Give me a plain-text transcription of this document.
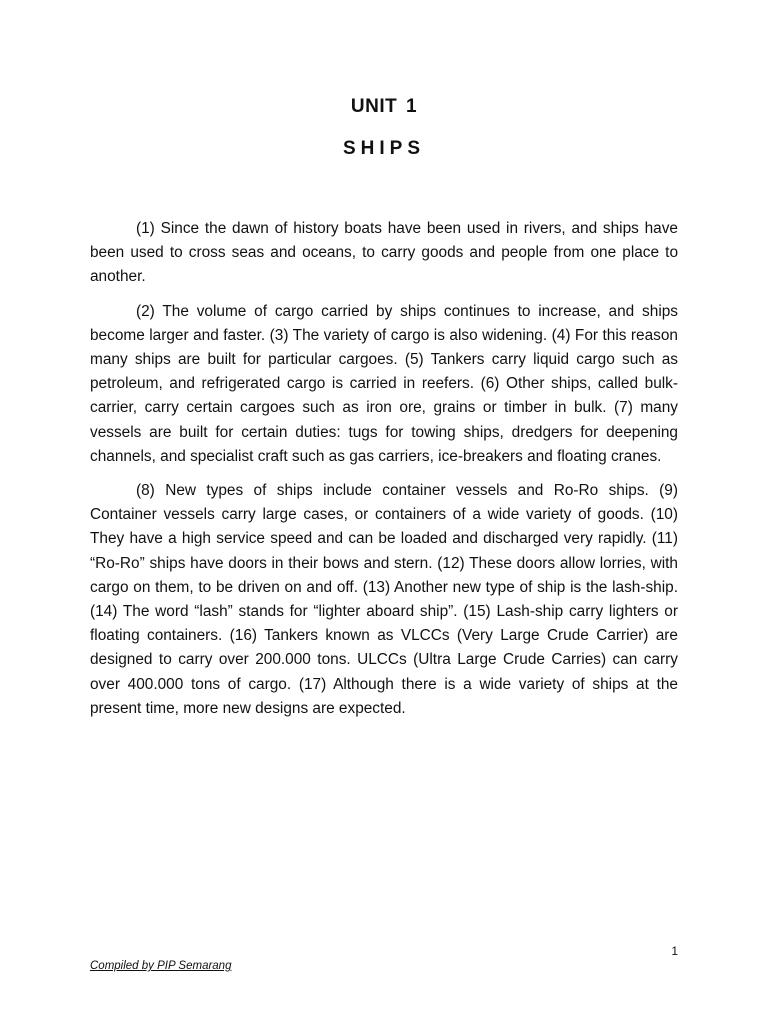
UNIT 1
SHIPS

(1) Since the dawn of history boats have been used in rivers, and ships have been used to cross seas and oceans, to carry goods and people from one place to another.

(2) The volume of cargo carried by ships continues to increase, and ships become larger and faster. (3) The variety of cargo is also widening. (4) For this reason many ships are built for particular cargoes. (5) Tankers carry liquid cargo such as petroleum, and refrigerated cargo is carried in reefers. (6) Other ships, called bulk-carrier, carry certain cargoes such as iron ore, grains or timber in bulk. (7) many vessels are built for certain duties: tugs for towing ships, dredgers for deepening channels, and specialist craft such as gas carriers, ice-breakers and floating cranes.

(8) New types of ships include container vessels and Ro-Ro ships. (9) Container vessels carry large cases, or containers of a wide variety of goods. (10) They have a high service speed and can be loaded and discharged very rapidly. (11) “Ro-Ro” ships have doors in their bows and stern. (12) These doors allow lorries, with cargo on them, to be driven on and off. (13) Another new type of ship is the lash-ship. (14) The word “lash” stands for “lighter aboard ship”. (15) Lash-ship carry lighters or floating containers. (16) Tankers known as VLCCs (Very Large Crude Carrier) are designed to carry over 200.000 tons. ULCCs (Ultra Large Crude Carries) can carry over 400.000 tons of cargo. (17) Although there is a wide variety of ships at the present time, more new designs are expected.

1
Compiled by PIP Semarang
